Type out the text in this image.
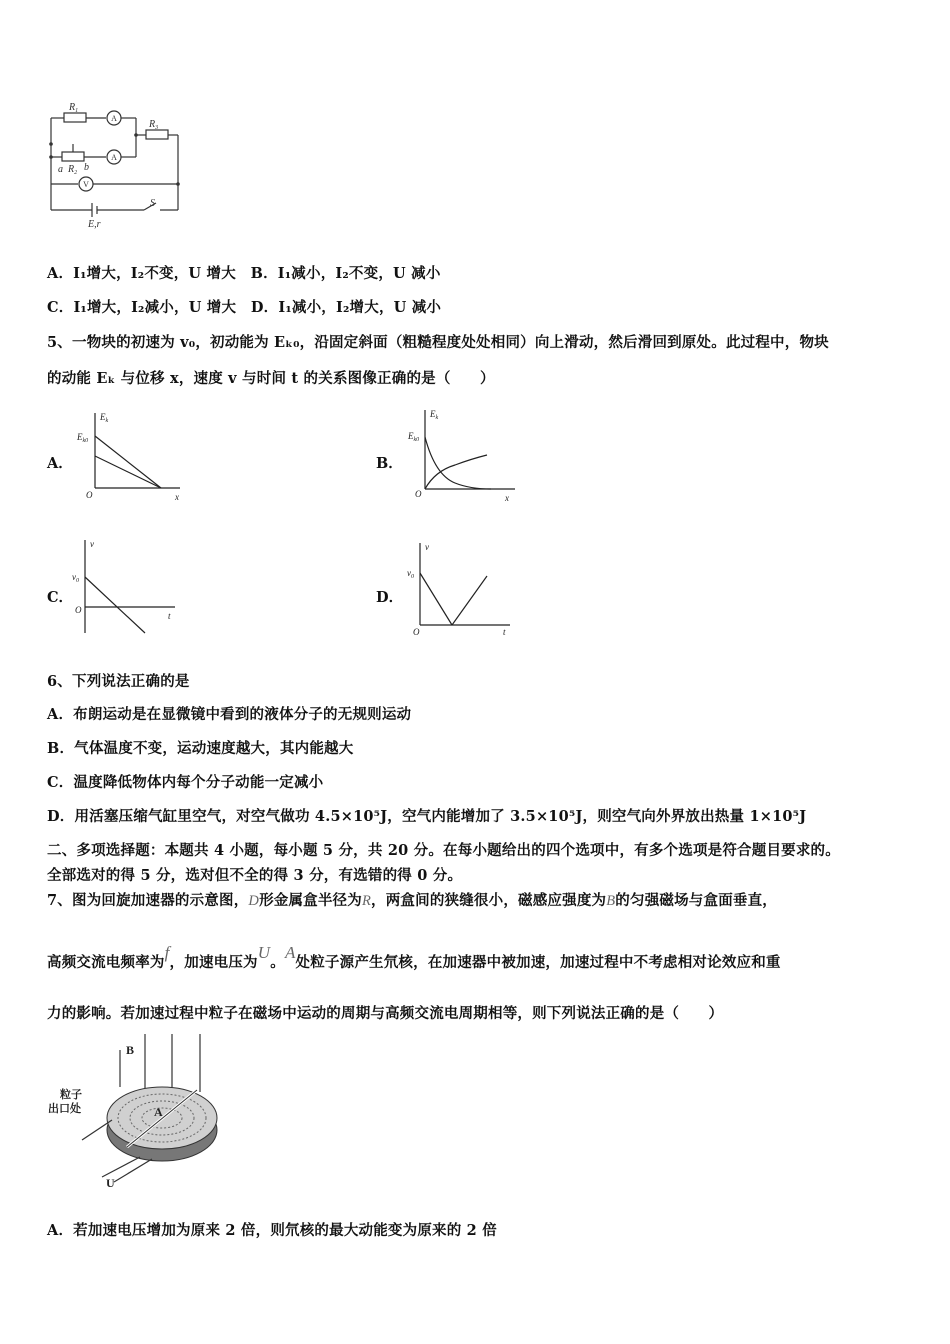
$R_1$
$R_3$
a $R_2$ b
S
E,r
A
A
V
A．I₁增大，I₂不变，U 增大　B．I₁减小，I₂不变，U 减小
C．I₁增大，I₂减小，U 增大　D．I₁减小，I₂增大，U 减小
5、一物块的初速为 v₀，初动能为 Eₖ₀，沿固定斜面（粗糙程度处处相同）向上滑动，然后滑回到原处。此过程中，物块
的动能 Eₖ 与位移 x，速度 v 与时间 t 的关系图像正确的是（　　）
A．
$E_k$
$E_{k0}$
O	x
B．
$E_k$
$E_{k0}$
O	x
C．
v
$v_0$
O
t
D．
v
$v_0$
O	t
6、下列说法正确的是
A．布朗运动是在显微镜中看到的液体分子的无规则运动
B．气体温度不变，运动速度越大，其内能越大
C．温度降低物体内每个分子动能一定减小
D．用活塞压缩气缸里空气，对空气做功 4.5×10⁵J，空气内能增加了 3.5×10⁵J，则空气向外界放出热量 1×10⁵J
二、多项选择题：本题共 4 小题，每小题 5 分，共 20 分。在每小题给出的四个选项中，有多个选项是符合题目要求的。
全部选对的得 5 分，选对但不全的得 3 分，有选错的得 0 分。
7、图为回旋加速器的示意图，D形金属盒半径为R，两盒间的狭缝很小，磁感应强度为B的匀强磁场与盒面垂直，
高频交流电频率为f，加速电压为U。A处粒子源产生氘核，在加速器中被加速，加速过程中不考虑相对论效应和重
力的影响。若加速过程中粒子在磁场中运动的周期与高频交流电周期相等，则下列说法正确的是（　　）
B
A
U
粒子
出口处
A．若加速电压增加为原来 2 倍，则氘核的最大动能变为原来的 2 倍
